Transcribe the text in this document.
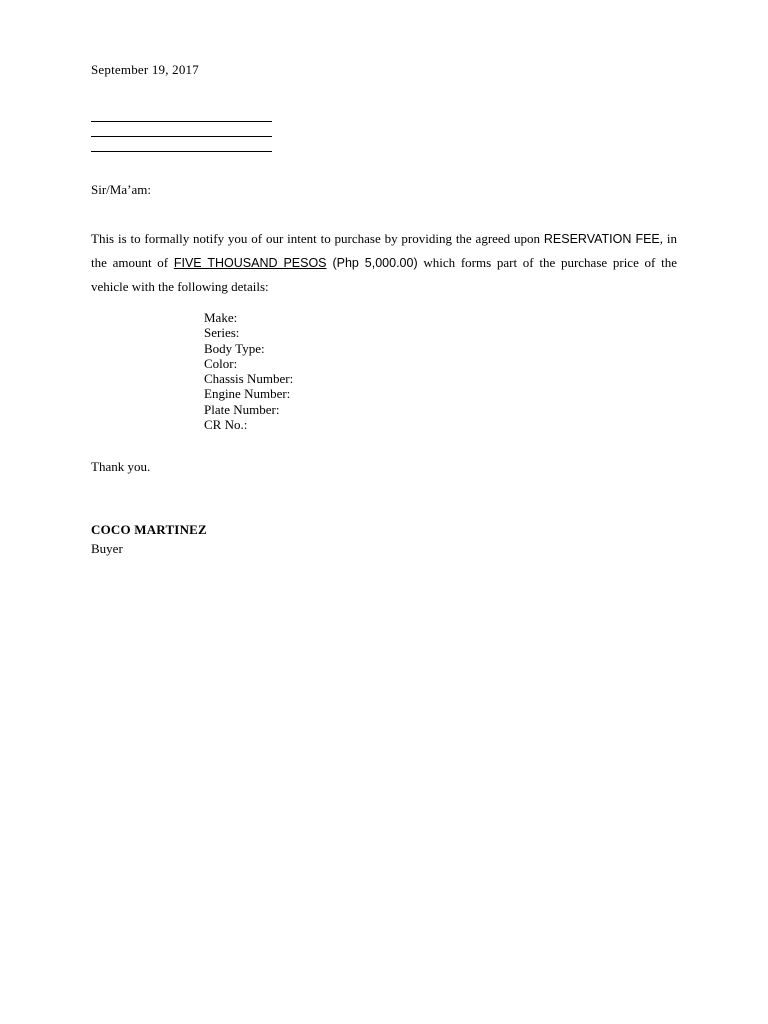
September 19, 2017
Sir/Ma’am:
This is to formally notify you of our intent to purchase by providing the agreed upon RESERVATION FEE, in the amount of FIVE THOUSAND PESOS (Php 5,000.00) which forms part of the purchase price of the vehicle with the following details:
Make:
Series:
Body Type:
Color:
Chassis Number:
Engine Number:
Plate Number:
CR No.:
Thank you.
COCO MARTINEZ
Buyer
